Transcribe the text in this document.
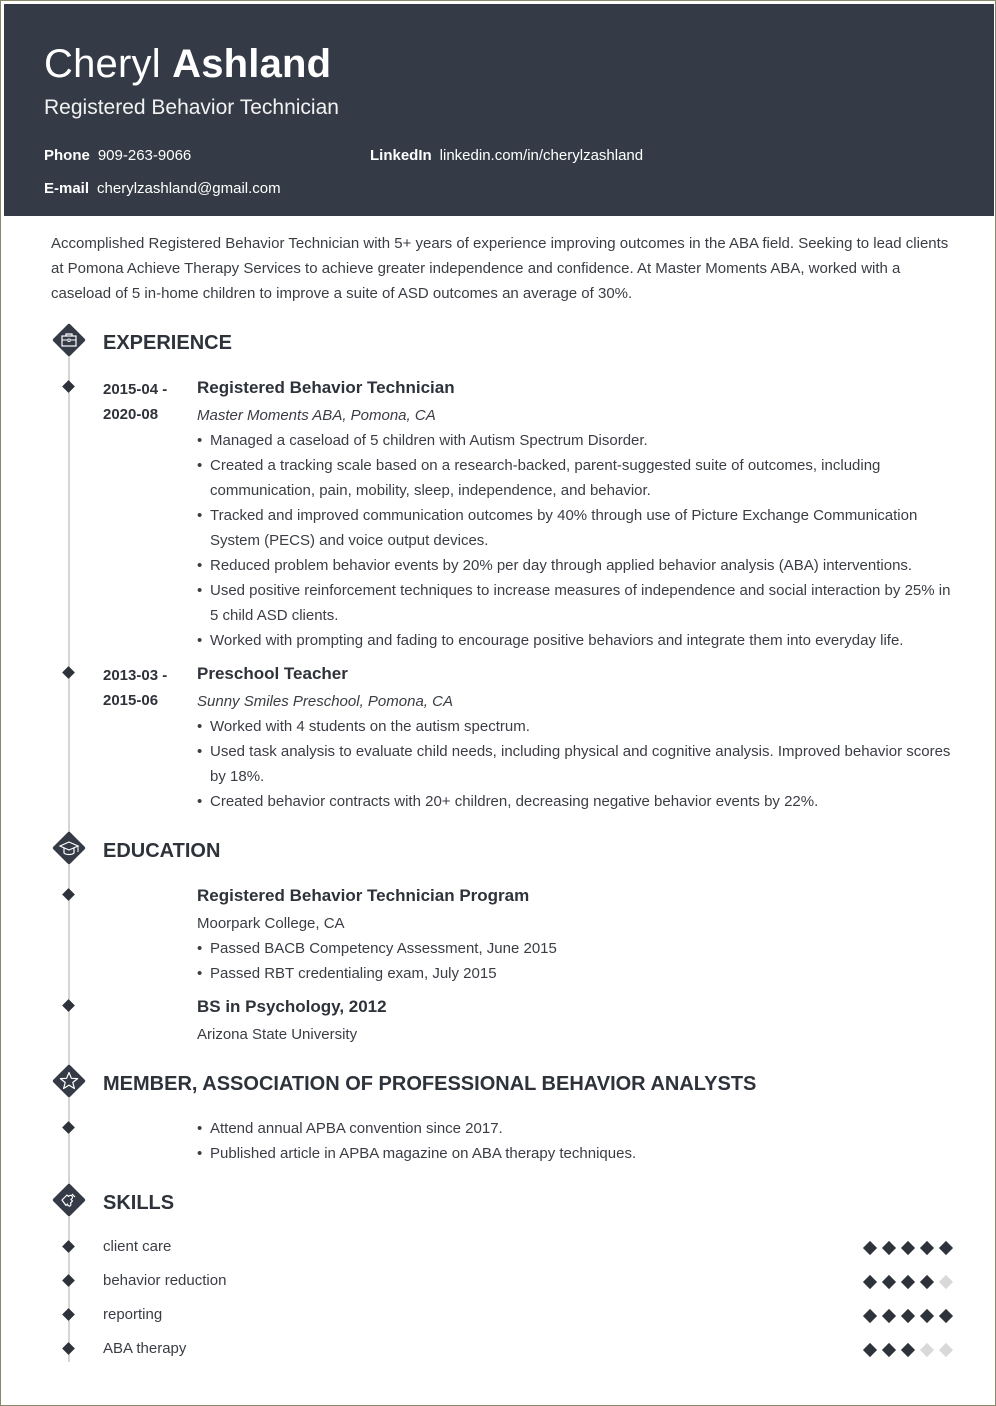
Cheryl Ashland
Registered Behavior Technician
Phone 909-263-9066	LinkedIn linkedin.com/in/cherylzashland
E-mail cherylzashland@gmail.com
Accomplished Registered Behavior Technician with 5+ years of experience improving outcomes in the ABA field. Seeking to lead clients at Pomona Achieve Therapy Services to achieve greater independence and confidence. At Master Moments ABA, worked with a caseload of 5 in-home children to improve a suite of ASD outcomes an average of 30%.
EXPERIENCE
2015-04 -
2020-08
Registered Behavior Technician
Master Moments ABA, Pomona, CA
• Managed a caseload of 5 children with Autism Spectrum Disorder.
• Created a tracking scale based on a research-backed, parent-suggested suite of outcomes, including communication, pain, mobility, sleep, independence, and behavior.
• Tracked and improved communication outcomes by 40% through use of Picture Exchange Communication System (PECS) and voice output devices.
• Reduced problem behavior events by 20% per day through applied behavior analysis (ABA) interventions.
• Used positive reinforcement techniques to increase measures of independence and social interaction by 25% in 5 child ASD clients.
• Worked with prompting and fading to encourage positive behaviors and integrate them into everyday life.
2013-03 -
2015-06
Preschool Teacher
Sunny Smiles Preschool, Pomona, CA
• Worked with 4 students on the autism spectrum.
• Used task analysis to evaluate child needs, including physical and cognitive analysis. Improved behavior scores by 18%.
• Created behavior contracts with 20+ children, decreasing negative behavior events by 22%.
EDUCATION
Registered Behavior Technician Program
Moorpark College, CA
• Passed BACB Competency Assessment, June 2015
• Passed RBT credentialing exam, July 2015
BS in Psychology, 2012
Arizona State University
MEMBER, ASSOCIATION OF PROFESSIONAL BEHAVIOR ANALYSTS
• Attend annual APBA convention since 2017.
• Published article in APBA magazine on ABA therapy techniques.
SKILLS
client care
behavior reduction
reporting
ABA therapy
